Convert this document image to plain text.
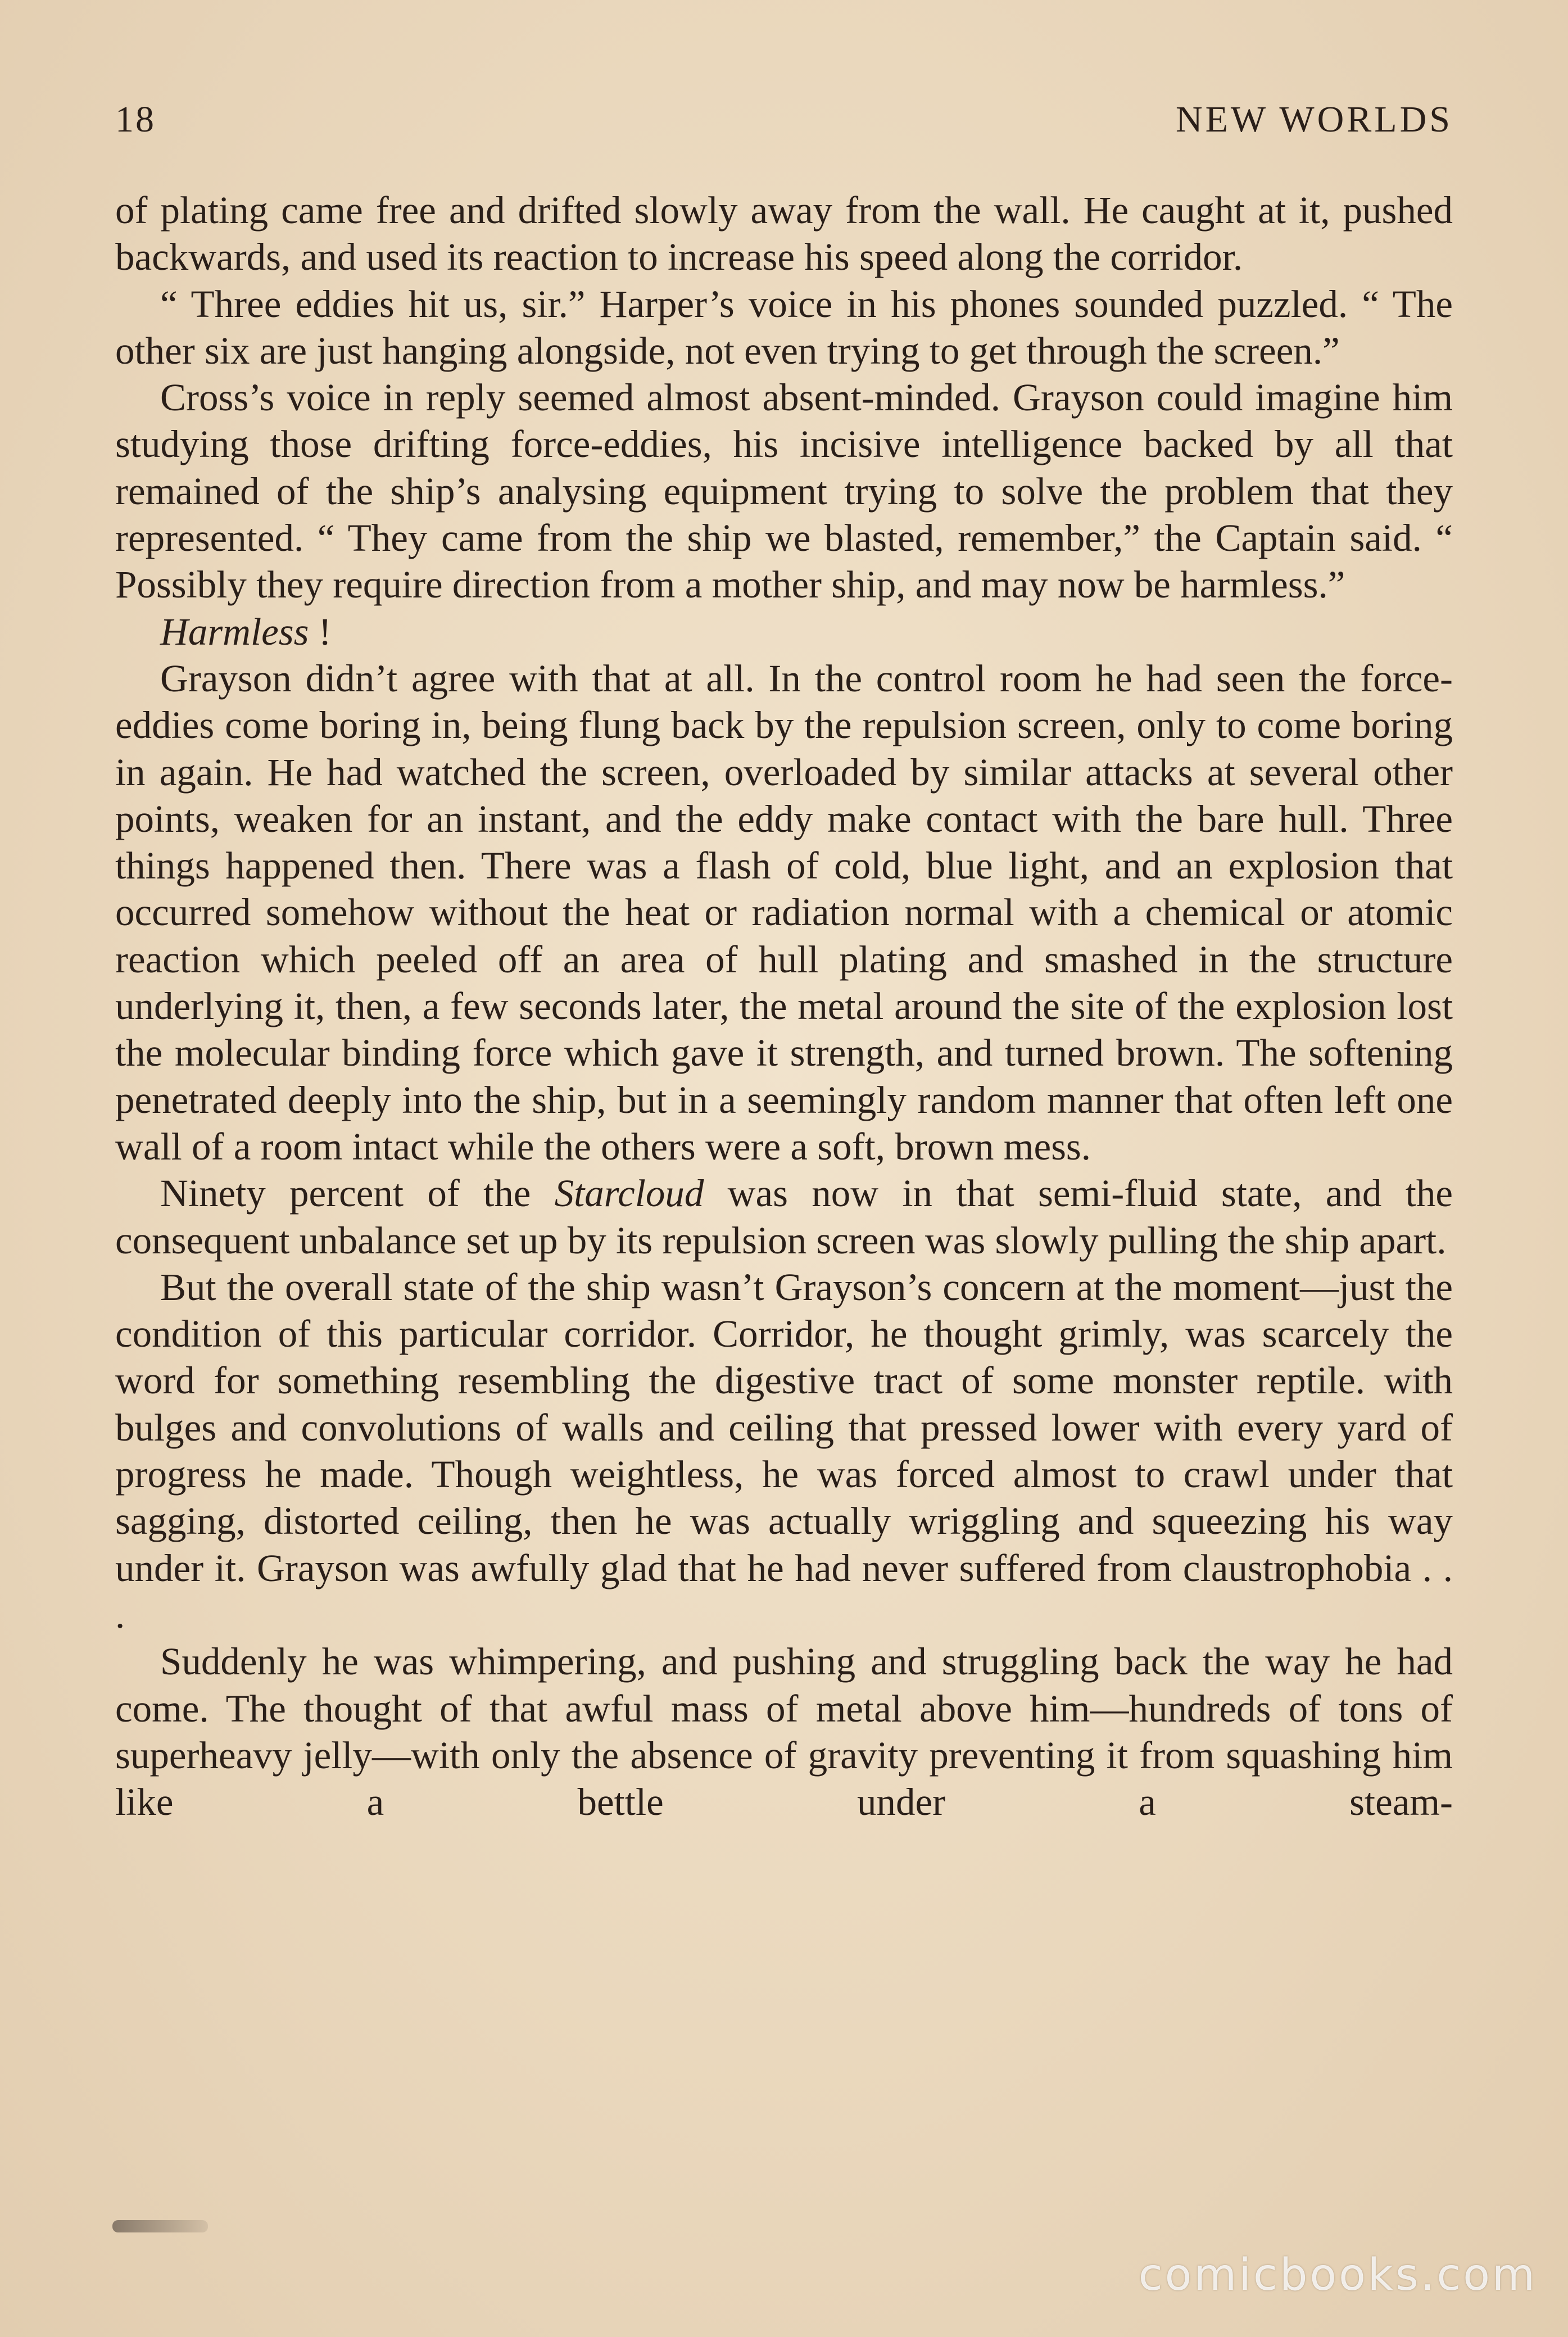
18	NEW WORLDS

of plating came free and drifted slowly away from the wall. He caught at it, pushed backwards, and used its reaction to increase his speed along the corridor.

“ Three eddies hit us, sir.” Harper’s voice in his phones sounded puzzled. “ The other six are just hanging alongside, not even trying to get through the screen.”

Cross’s voice in reply seemed almost absent-minded. Grayson could imagine him studying those drifting force-eddies, his incisive intelligence backed by all that remained of the ship’s analysing equipment trying to solve the problem that they represented. “ They came from the ship we blasted, remember,” the Captain said. “ Possibly they require direction from a mother ship, and may now be harmless.”

Harmless !

Grayson didn’t agree with that at all. In the control room he had seen the force-eddies come boring in, being flung back by the repulsion screen, only to come boring in again. He had watched the screen, overloaded by similar attacks at several other points, weaken for an instant, and the eddy make contact with the bare hull. Three things happened then. There was a flash of cold, blue light, and an explosion that occurred somehow without the heat or radiation normal with a chemical or atomic reaction which peeled off an area of hull plating and smashed in the structure underlying it, then, a few seconds later, the metal around the site of the explosion lost the molecular binding force which gave it strength, and turned brown. The softening penetrated deeply into the ship, but in a seemingly random manner that often left one wall of a room intact while the others were a soft, brown mess.

Ninety percent of the Starcloud was now in that semi-fluid state, and the consequent unbalance set up by its repulsion screen was slowly pulling the ship apart.

But the overall state of the ship wasn’t Grayson’s concern at the moment—just the condition of this particular corridor. Corridor, he thought grimly, was scarcely the word for something resembling the digestive tract of some monster reptile. with bulges and convolutions of walls and ceiling that pressed lower with every yard of progress he made. Though weightless, he was forced almost to crawl under that sagging, distorted ceiling, then he was actually wriggling and squeezing his way under it. Grayson was awfully glad that he had never suffered from claustrophobia . . .

Suddenly he was whimpering, and pushing and struggling back the way he had come. The thought of that awful mass of metal above him—hundreds of tons of superheavy jelly—with only the absence of gravity preventing it from squashing him like a bettle under a steam-

comicbooks.com
